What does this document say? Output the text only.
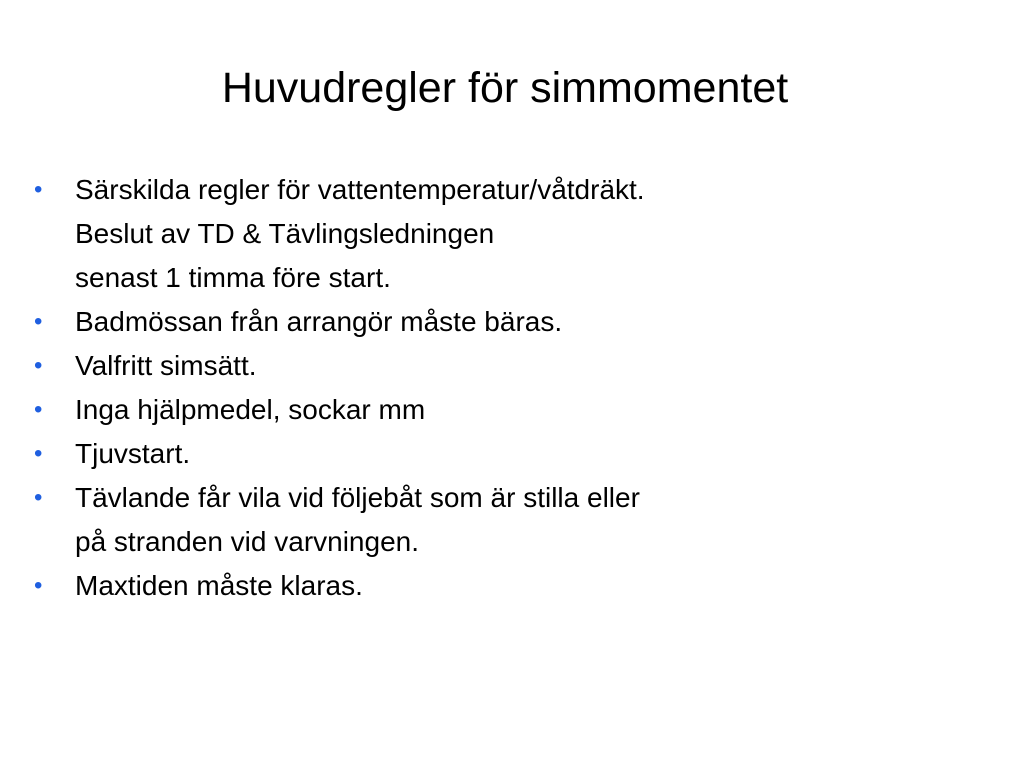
Huvudregler för simmomentet
• Särskilda regler för vattentemperatur/våtdräkt.
Beslut av TD & Tävlingsledningen
senast 1 timma före start.
• Badmössan från arrangör måste bäras.
• Valfritt simsätt.
• Inga hjälpmedel, sockar mm
• Tjuvstart.
• Tävlande får vila vid följebåt som är stilla eller
på stranden vid varvningen.
• Maxtiden måste klaras.
